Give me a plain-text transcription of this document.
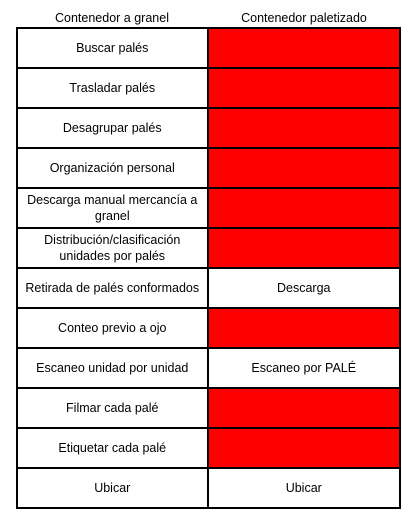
Contenedor a granel	Contenedor paletizado
Buscar palés
Trasladar palés
Desagrupar palés
Organización personal
Descarga manual mercancía a granel
Distribución/clasificación unidades por palés
Retirada de palés conformados	Descarga
Conteo previo a ojo
Escaneo unidad por unidad	Escaneo por PALÉ
Filmar cada palé
Etiquetar cada palé
Ubicar	Ubicar
